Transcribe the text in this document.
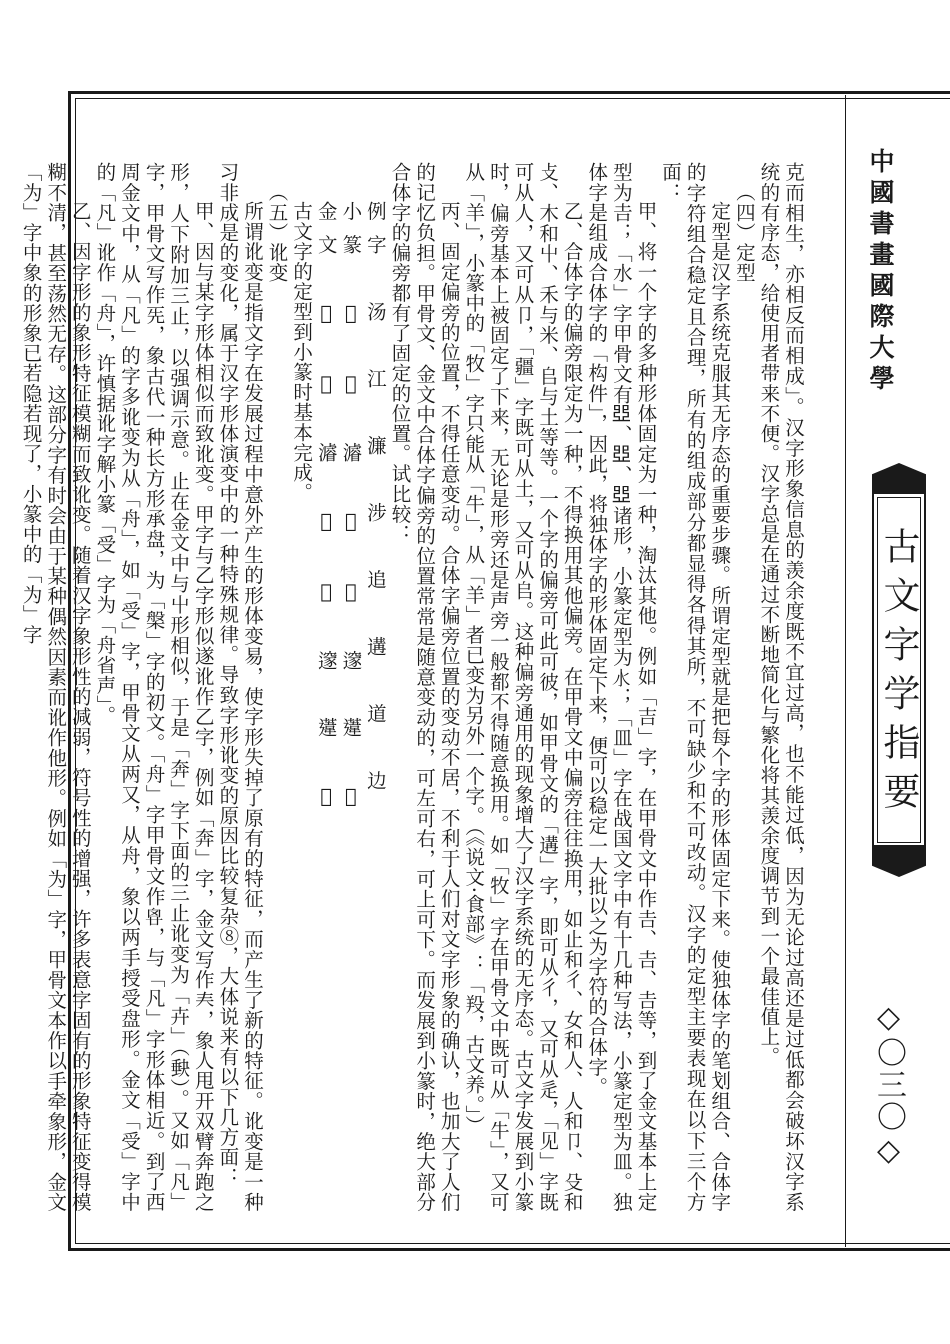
中國書畫國際大學
古文字学指要
◇〇三〇◇

克而相生，亦相反而相成」。汉字形象信息的羡余度既不宜过高，也不能过低，因为无论过高还是过低都会破坏汉字系统的有序态，给使用者带来不便。汉字总是在通过不断地简化与繁化将其羡余度调节到一个最佳值上。

（四）定型

定型是汉字系统克服其无序态的重要步骤。所谓定型就是把每个字的形体固定下来。使独体字的笔划组合、合体字的字符组合稳定且合理，所有的组成部分都显得各得其所，不可缺少和不可改动。汉字的定型主要表现在以下三个方面：

甲、将一个字的多种形体固定为一种，淘汰其他。例如「吉」字，在甲骨文中作𠮷、𠮷、𠮷等，到了金文基本上定型为𠮷；「水」字甲骨文有𠁁、𠁁、𠁁诸形，小篆定型为𣱱；「皿」字在战国文字中有十几种写法，小篆定型为皿。独体字是组成合体字的「构件」，因此，将独体字的形体固定下来，便可以稳定一大批以之为字符的合体字。

乙、合体字的偏旁限定为一种，不得换用其他偏旁。在甲骨文中偏旁往往换用，如止和彳、女和人、人和卩、殳和攴、木和屮、禾与米、𠂤与土等等。一个字的偏旁可此可彼，如甲骨文的「遘」字，即可从彳，又可从辵，「见」字既可从人，又可从卩，「疆」字既可从土，又可从𠂤。这种偏旁通用的现象增大了汉字系统的无序态。古文字发展到小篆时，偏旁基本上被固定了下来，无论是形旁还是声旁一般都不得随意换用。如「牧」字在甲骨文中既可从「牛」，又可从「羊」，小篆中的「牧」字只能从「牛」，从「羊」者已变为另外一个字。（《说文·食部》：「羖，古文养。」）

丙、固定偏旁的位置，不得任意变动。合体字偏旁位置的变动不居，不利于人们对文字形象的确认，也加大了人们的记忆负担。甲骨文、金文中合体字偏旁的位置常常是随意变动的，可左可右，可上可下。而发展到小篆时，绝大部分合体字的偏旁都有了固定的位置。试比较：

例字　汤　江　濂　涉　追　遘　道　边

小篆　𣲌　𣲓　𤀹　𣶒　𨓵　𨗉　𨗨　𨘢

金文　𣲌　𣲓　𤀹　𣶒　𨓵　𨗉　𨗨　𨘢

古文字的定型到小篆时基本完成。

（五）讹变

所谓讹变是指文字在发展过程中意外产生的形体变易，使字形失掉了原有的特征，而产生了新的特征。讹变是一种习非成是的变化，属于汉字形体演变中的一种特殊规律。导致字形讹变的原因比较复杂⑧，大体说来有以下几方面：

甲、因与某字形体相似而致讹变。甲字与乙字形似遂讹作乙字，例如「奔」字，金文写作𡗗，象人甩开双臂奔跑之形，人下附加三止，以强调示意。止在金文中与屮形相似，于是「奔」字下面的三止讹变为「卉」（𡙇）。又如「凡」字，甲骨文写作𠀡，象古代一种长方形承盘，为「槃」字的初文。「舟」字甲骨文作𠂺，与「凡」字形体相近。到了西周金文中，从「凡」的字多讹变为从「舟」，如「受」字，甲骨文从两又，从舟，象以两手授受盘形。金文「受」字中的「凡」讹作「舟」，许慎据讹字解小篆「受」字为「舟省声」。

乙、因字形的象形特征模糊而致讹变。随着汉字象形性的减弱，符号性的增强，许多表意字固有的形象特征变得模糊不清，甚至荡然无存。这部分字有时会由于某种偶然因素而讹作他形。例如「为」字，甲骨文本作以手牵象形，金文「为」字中象的形象已若隐若现了，小篆中的「为」字
